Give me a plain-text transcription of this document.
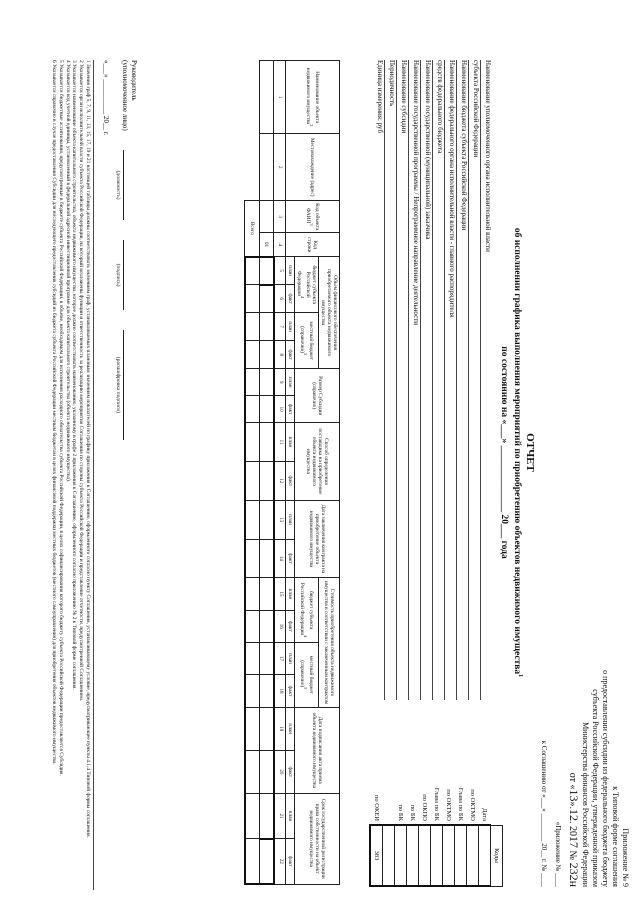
Приложение № 9
к Типовой форме соглашения
о предоставлении субсидии из федерального бюджета бюджету
субъекта Российской Федерации, утвержденной приказом
Министерства финансов Российской Федерации
от «13».12. 2017 № 232н
«Приложение № ____
к Соглашению от «___» ________ 20__ г. № ____
ОТЧЕТ
об исполнении графика выполнения мероприятий по приобретению объектов недвижимого имущества$^1$
по состоянию на «___» ______________ 20___ года
Наименование уполномоченного органа исполнительной власти
субъекта Российской Федерации
Наименование бюджета субъекта Российской Федерации
Наименование федерального органа исполнительной власти - главного распорядителя
средств федерального бюджета
Наименование государственной (муниципальной) заказчика
Наименование государственной программы / Непрограммное направление деятельности
Наименование субсидии
Периодичность
Единица измерения: руб
	Коды
Дата	
по ОКТМО	
Глава по БК	
по ОКТМО	
Глава по БК	
по ОКПО	
по БК	
по БК	

по ОКЕИ	383
Наименование объекта недвижимого имущества$^2$	Местонахождение (адрес)	Код объекта ФАИП$^3$	Код строки	Объем финансового обеспечения приобретаемого объекта недвижимого имущества				Размер Субсидии (справочно)		Способ определения поставщика на приобретение объекта недвижимого имущества		Дата заключения контракта на приобретение объекта недвижимого имущества		Стоимость приобретения объекта недвижимого имущества в соответствии с заключенным контрактом				Дата подписания акта приема объекта недвижимого имущества		Срок государственной регистрации права собственности на объект недвижимого имущества	
				бюджет субъекта Российской Федерации$^4$		местный бюджет (справочно)$^5$								бюджет субъекта Российской Федерации$^4$		местный бюджет (справочно)$^5$
				план	факт	план	факт	план	факт	план	факт	план	факт	план	факт	план	факт	план	факт	план	факт
1	2	3	4	5	6	7	8	9	10	11	12	13	14	15	16	17	18	19	20	21	22
			01																		
		Всего																			
Руководитель
(уполномоченное лицо)
(должность)
(подпись)
(расшифровка подписи)
«___» __________ 20__ г.
1 Значения граф 5, 7, 9, 11, 13, 15, 17, 19 и 21 настоящей таблицы должны соответствовать значениям граф, устанавливаемых плановым значениям показателей по графику приложения к Соглашению, оформленного согласно пункту Соглашения, устанавливающему условие, предусматривающее пункты 4.1.4 Типовой формы соглашения.
2 Указывается орган исполнительной власти субъекта Российской Федерации, на который возложены функции и ответственность за реализацию мероприятия Соглашения по стороны субъекта Российской Федерации и представление отчетности, предусмотренной Соглашением.
3 Указывается наименование объекта капитального строительства, объекта недвижимого имущества, которое должно соответствовать наименованию, указанному в графе 2 приложения к Соглашению, оформленного согласно приложению № 2 к Типовой форме соглашения.
4 Указывается код учетной единицы, установленный в федеральной адресной инвестиционной программе для объекта капитального строительства (объекта недвижимого имущества).
5 Указывается бюджетные ассигнования, предусмотренные в бюджете субъекта Российской Федерации, в объеме, необходимом для исполнения расходного обязательства субъекта Российской Федерации, в целях софинансирования которого бюджету субъекта Российской Федерации предоставляется Субсидия.
6 Указывается справочно в случае предоставления Субсидии для последующего предоставления субсидий из бюджета субъекта Российской Федерации местным бюджетам в целях финансовой поддержки местных бюджетов (местного самоуправления) для приобретения объектов недвижимого имущества.
